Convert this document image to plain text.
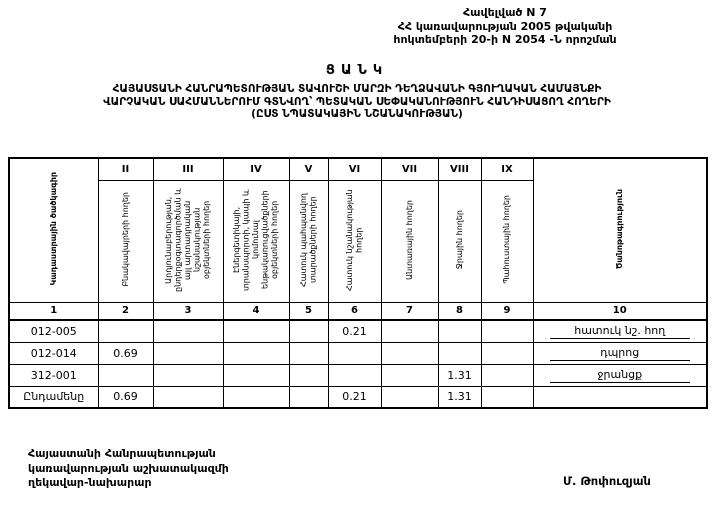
Հավելված N 7
ՀՀ կառավարության 2005 թվականի
հոկտեմբերի 20-ի N 2054 -Ն որոշման
ՑԱՆԿ
ՀԱՅԱՍՏԱՆԻ ՀԱՆՐԱՊԵՏՈՒԹՅԱՆ ՏԱՎՈՒՇԻ ՄԱՐԶԻ ԴԵՂՁԱՎԱՆԻ ԳՅՈՒՂԱԿԱՆ ՀԱՄԱՅՆՔԻ
ՎԱՐՉԱԿԱՆ ՍԱՀՄԱՆՆԵՐՈՒՄ ԳՏՆՎՈՂ՝ ՊԵՏԱԿԱՆ ՍԵՓԱԿԱՆՈՒԹՅՈՒՆ ՀԱՆԴԻՍԱՑՈՂ ՀՈՂԵՐԻ
(ԸՍՏ ՆՊԱՏԱԿԱՅԻՆ ՆՇԱՆԱԿՈՒԹՅԱՆ)
Կադաստրային ծածկագիր	II	III	IV	V	VI	VII	VIII	IX	Ծանոթագրություն
	Բնակավայրերի հողեր	Արդյունաբերության, ընդերքօգտագործման և այլ արտադրական նշանակության օբյեկտների հողեր	Էներգետիկայի, տրանսպորտի, կապի և կոմունալ ենթակառուցվածքների օբյեկտների հողեր	Հատուկ պահպանվող տարածքների հողեր	Հատուկ նշանակության հողեր	Անտառային հողեր	Ջրային հողեր	Պահուստային հողեր	
1	2	3	4	5	6	7	8	9	10
012-005					0.21				հատուկ նշ. հող
012-014	0.69								դպրոց
312-001							1.31		ջրանցք
Ընդամենը	0.69				0.21		1.31		
Հայաստանի Հանրապետության
կառավարության աշխատակազմի
ղեկավար-նախարար	Մ. Թոփուզյան
